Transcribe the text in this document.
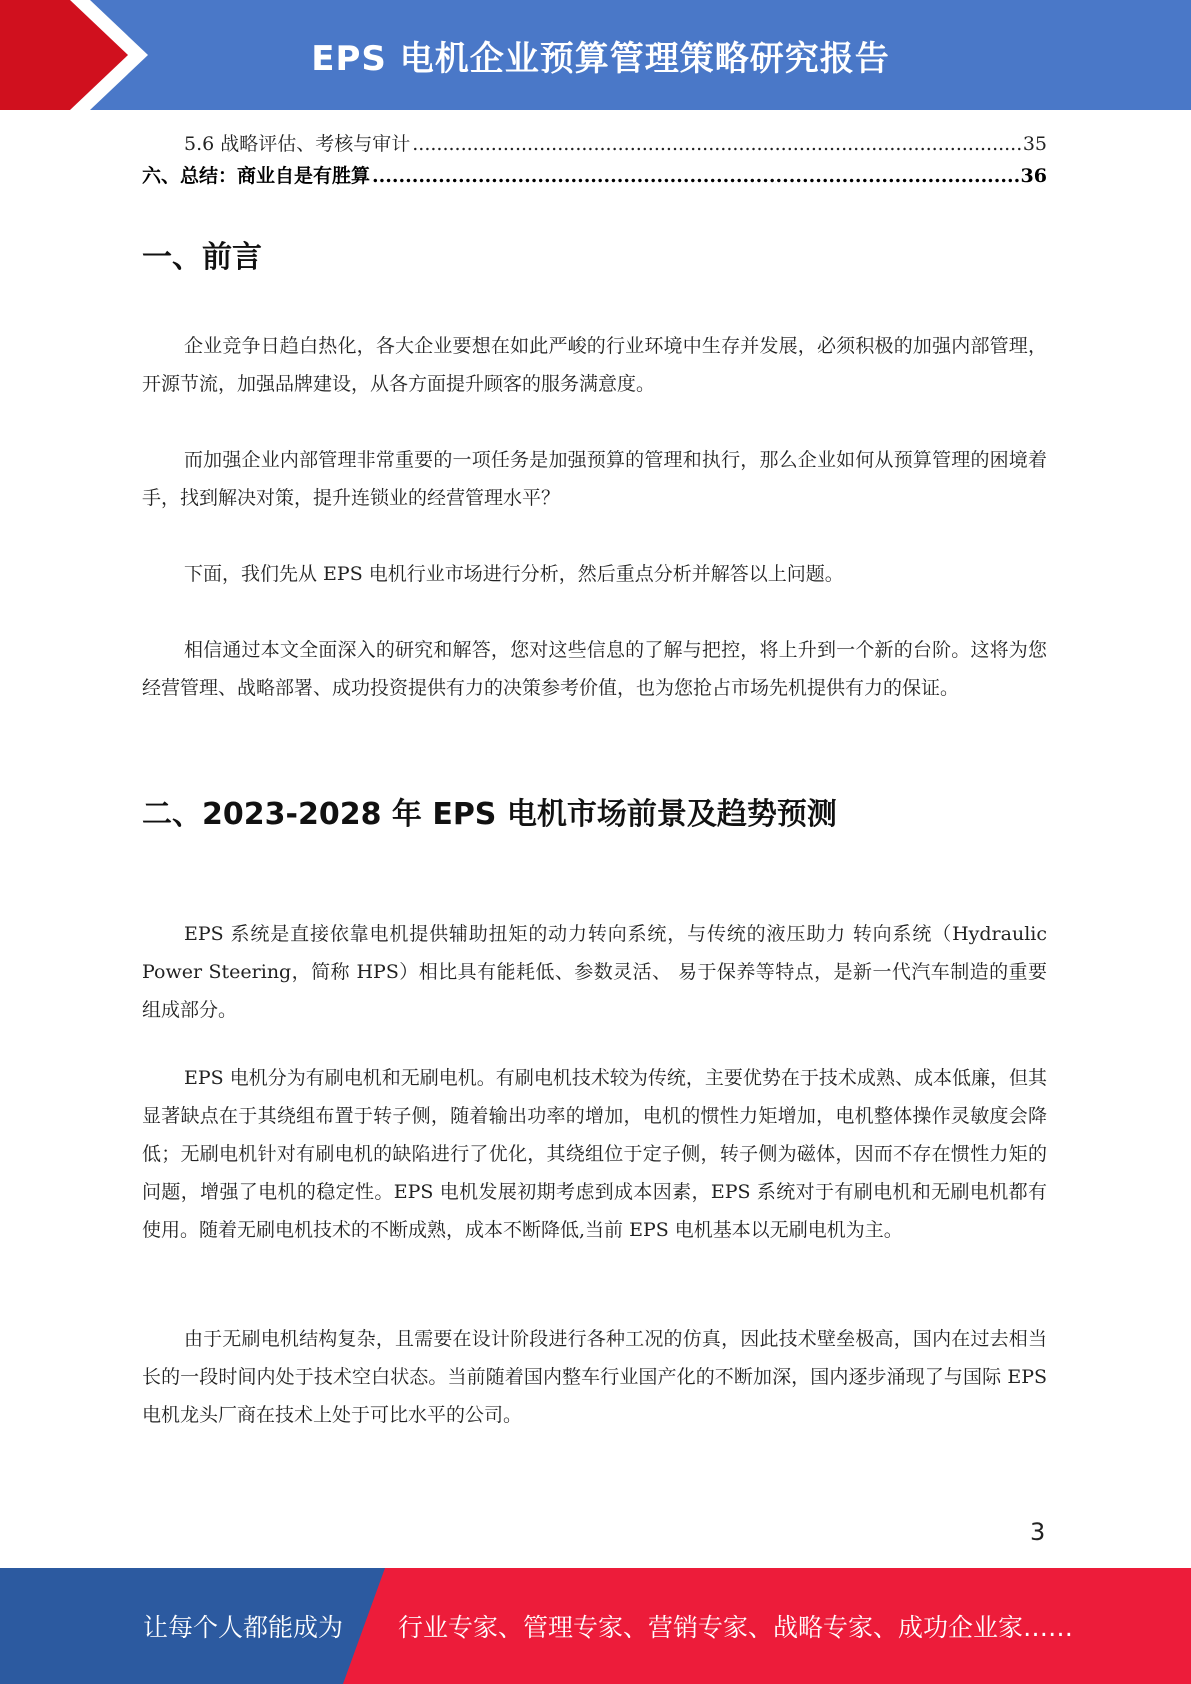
EPS 电机企业预算管理策略研究报告
5.6 战略评估、考核与审计 .....	35
六、总结：商业自是有胜算 .....	36
一、前言

企业竞争日趋白热化，各大企业要想在如此严峻的行业环境中生存并发展，必须积极的加强内部管理，开源节流，加强品牌建设，从各方面提升顾客的服务满意度。

而加强企业内部管理非常重要的一项任务是加强预算的管理和执行，那么企业如何从预算管理的困境着手，找到解决对策，提升连锁业的经营管理水平？

下面，我们先从 EPS 电机行业市场进行分析，然后重点分析并解答以上问题。

相信通过本文全面深入的研究和解答，您对这些信息的了解与把控，将上升到一个新的台阶。这将为您经营管理、战略部署、成功投资提供有力的决策参考价值，也为您抢占市场先机提供有力的保证。

二、2023-2028 年 EPS 电机市场前景及趋势预测

EPS 系统是直接依靠电机提供辅助扭矩的动力转向系统，与传统的液压助力 转向系统（Hydraulic Power Steering，简称 HPS）相比具有能耗低、参数灵活、 易于保养等特点，是新一代汽车制造的重要组成部分。

EPS 电机分为有刷电机和无刷电机。有刷电机技术较为传统，主要优势在于技术成熟、成本低廉，但其显著缺点在于其绕组布置于转子侧，随着输出功率的增加，电机的惯性力矩增加，电机整体操作灵敏度会降低；无刷电机针对有刷电机的缺陷进行了优化，其绕组位于定子侧，转子侧为磁体，因而不存在惯性力矩的问题，增强了电机的稳定性。EPS 电机发展初期考虑到成本因素，EPS 系统对于有刷电机和无刷电机都有使用。随着无刷电机技术的不断成熟，成本不断降低,当前 EPS 电机基本以无刷电机为主。

由于无刷电机结构复杂，且需要在设计阶段进行各种工况的仿真，因此技术壁垒极高，国内在过去相当长的一段时间内处于技术空白状态。当前随着国内整车行业国产化的不断加深，国内逐步涌现了与国际 EPS 电机龙头厂商在技术上处于可比水平的公司。

3
让每个人都能成为 行业专家、管理专家、营销专家、战略专家、成功企业家……
